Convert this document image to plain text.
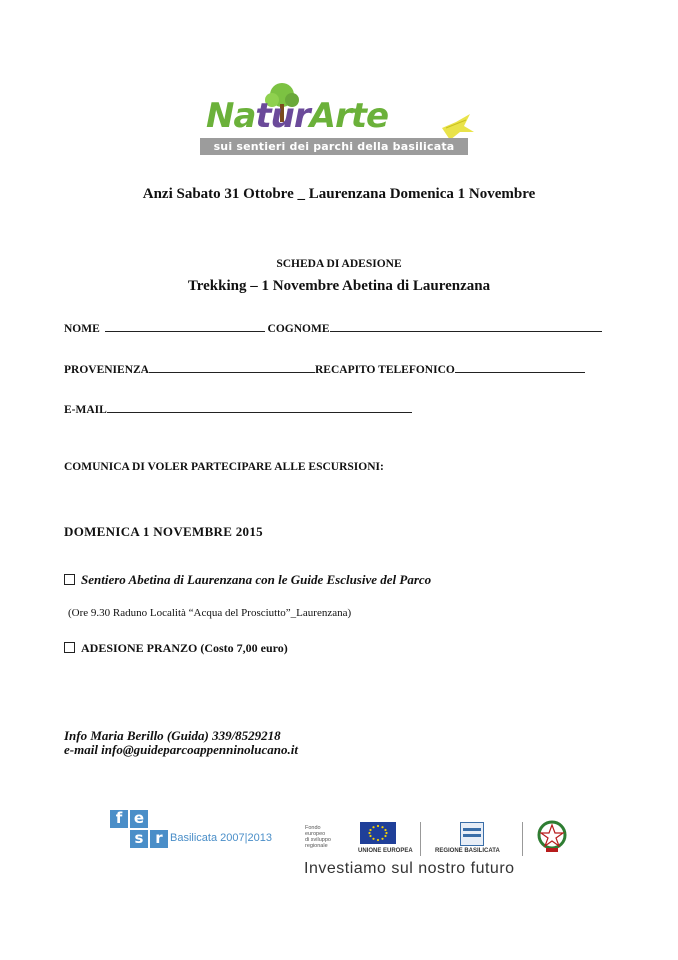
NaturArte
sui sentieri dei parchi della basilicata
Anzi Sabato 31 Ottobre _ Laurenzana Domenica 1 Novembre
SCHEDA DI ADESIONE
Trekking – 1 Novembre Abetina di Laurenzana
NOME	COGNOME
PROVENIENZA	RECAPITO TELEFONICO
E-MAIL
COMUNICA DI VOLER PARTECIPARE ALLE ESCURSIONI:
DOMENICA 1 NOVEMBRE 2015
Sentiero Abetina di Laurenzana con le Guide Esclusive del Parco
(Ore 9.30 Raduno Località “Acqua del Prosciutto”_Laurenzana)
ADESIONE PRANZO (Costo 7,00 euro)
Info Maria Berillo (Guida) 339/8529218
e-mail info@guideparcoappenninolucano.it
f e
s r Basilicata 2007|2013
Fondo
europeo
di sviluppo
regionale
UNIONE EUROPEA	REGIONE BASILICATA
Investiamo sul nostro futuro
